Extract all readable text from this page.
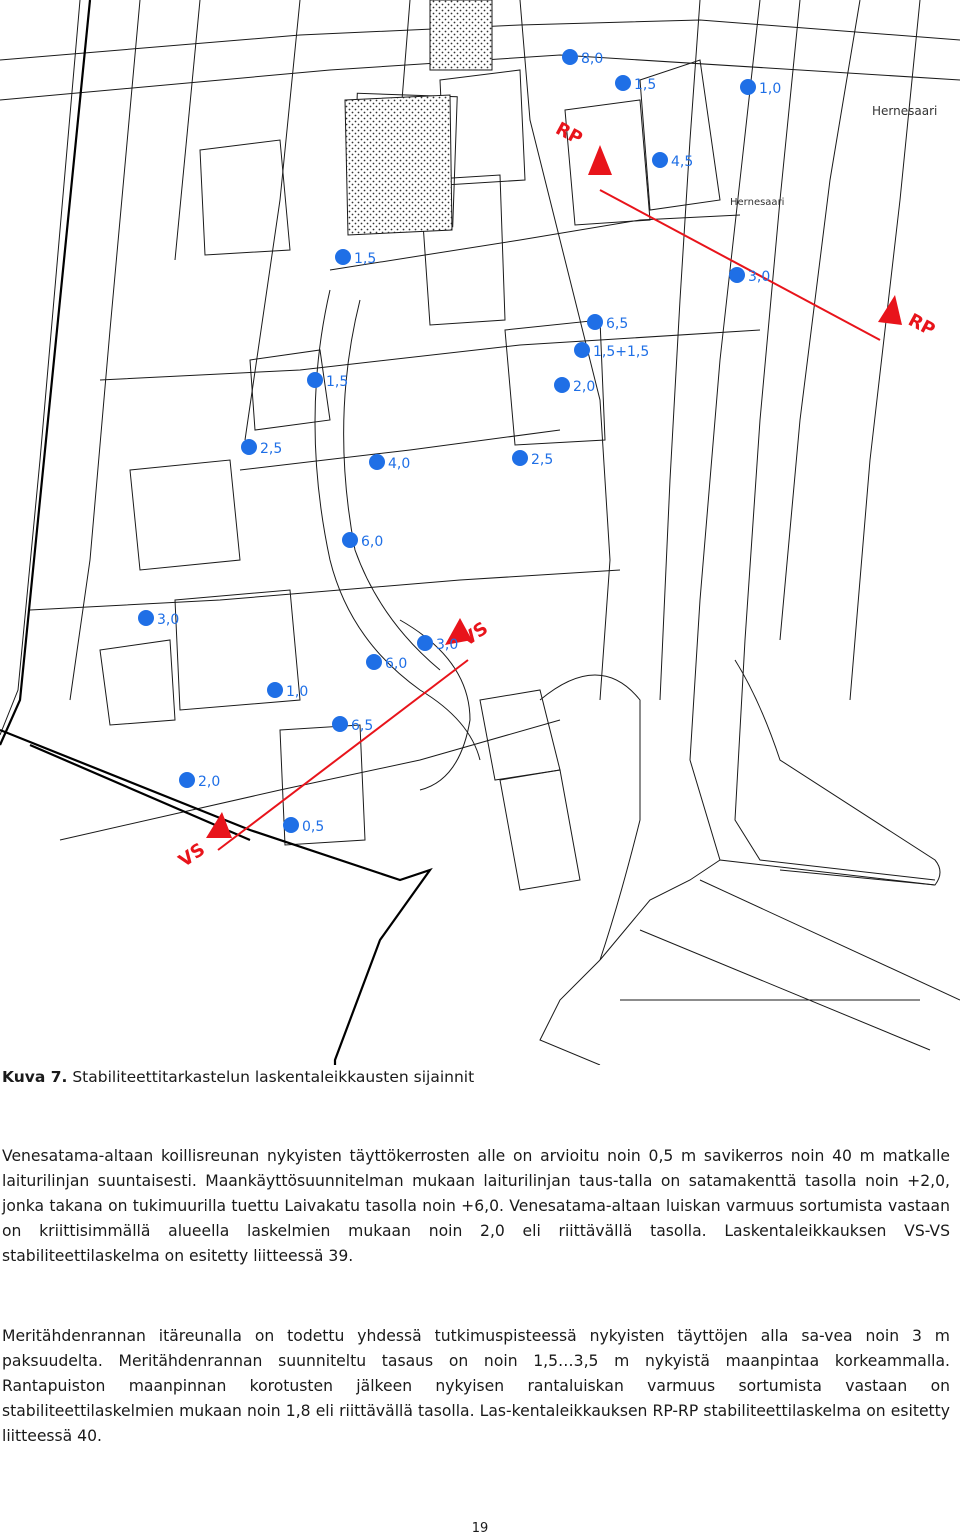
RP
RP
VS
VS
Hernesaari
Hernesaari
8,0
1,5	1,0
4,5
3,0
1,5
6,5
1,5+1,5
2,0
1,5
2,5
4,0	2,5
6,0
3,0
6,0
3,0
1,0
6,5
2,0
0,5
Kuva 7. Stabiliteettitarkastelun laskentaleikkausten sijainnit

Venesatama-altaan koillisreunan nykyisten täyttökerrosten alle on arvioitu noin 0,5 m savikerros noin 40 m matkalle laiturilinjan suuntaisesti. Maankäyttösuunnitelman mukaan laiturilinjan taus-talla on satamakenttä tasolla noin +2,0, jonka takana on tukimuurilla tuettu Laivakatu tasolla noin +6,0. Venesatama-altaan luiskan varmuus sortumista vastaan on kriittisimmällä alueella laskelmien mukaan noin 2,0 eli riittävällä tasolla. Laskentaleikkauksen VS-VS stabiliteettilaskelma on esitetty liitteessä 39.

Meritähdenrannan itäreunalla on todettu yhdessä tutkimuspisteessä nykyisten täyttöjen alla sa-vea noin 3 m paksuudelta. Meritähdenrannan suunniteltu tasaus on noin 1,5…3,5 m nykyistä maanpintaa korkeammalla. Rantapuiston maanpinnan korotusten jälkeen nykyisen rantaluiskan varmuus sortumista vastaan on stabiliteettilaskelmien mukaan noin 1,8 eli riittävällä tasolla. Las-kentaleikkauksen RP-RP stabiliteettilaskelma on esitetty liitteessä 40.

19
